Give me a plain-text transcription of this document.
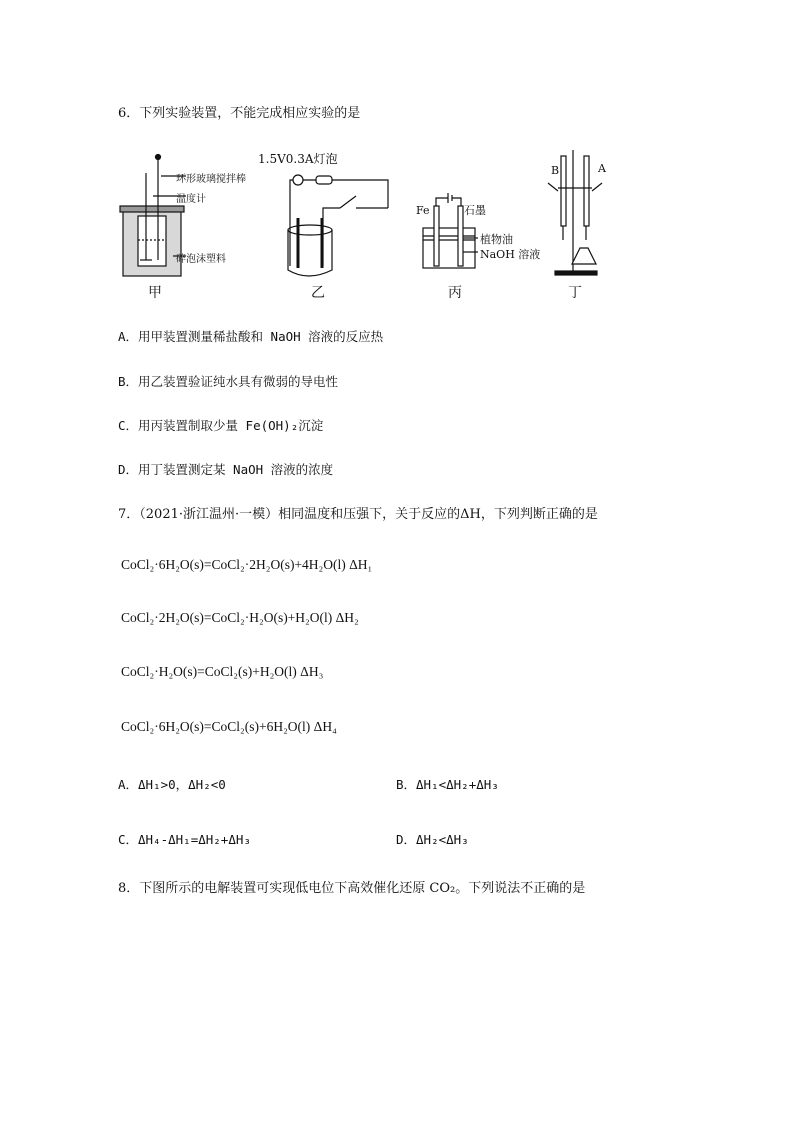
6．下列实验装置，不能完成相应实验的是
环形玻璃搅拌棒
温度计
碎泡沫塑料
1.5V0.3A灯泡
Fe	石墨
植物油
NaOH 溶液
B	A
甲	乙	丙	丁
A．用甲装置测量稀盐酸和 NaOH 溶液的反应热
B．用乙装置验证纯水具有微弱的导电性
C．用丙装置制取少量 Fe(OH)₂沉淀
D．用丁装置测定某 NaOH 溶液的浓度
7．（2021·浙江温州·一模）相同温度和压强下，关于反应的ΔH，下列判断正确的是
CoCl₂·6H₂O(s)=CoCl₂·2H₂O(s)+4H₂O(l) ΔH₁
CoCl₂·2H₂O(s)=CoCl₂·H₂O(s)+H₂O(l) ΔH₂
CoCl₂·H₂O(s)=CoCl₂(s)+H₂O(l) ΔH₃
CoCl₂·6H₂O(s)=CoCl₂(s)+6H₂O(l) ΔH₄
A．ΔH₁>0，ΔH₂<0	B．ΔH₁<ΔH₂+ΔH₃
C．ΔH₄-ΔH₁=ΔH₂+ΔH₃	D．ΔH₂<ΔH₃
8．下图所示的电解装置可实现低电位下高效催化还原 CO₂。下列说法不正确的是
